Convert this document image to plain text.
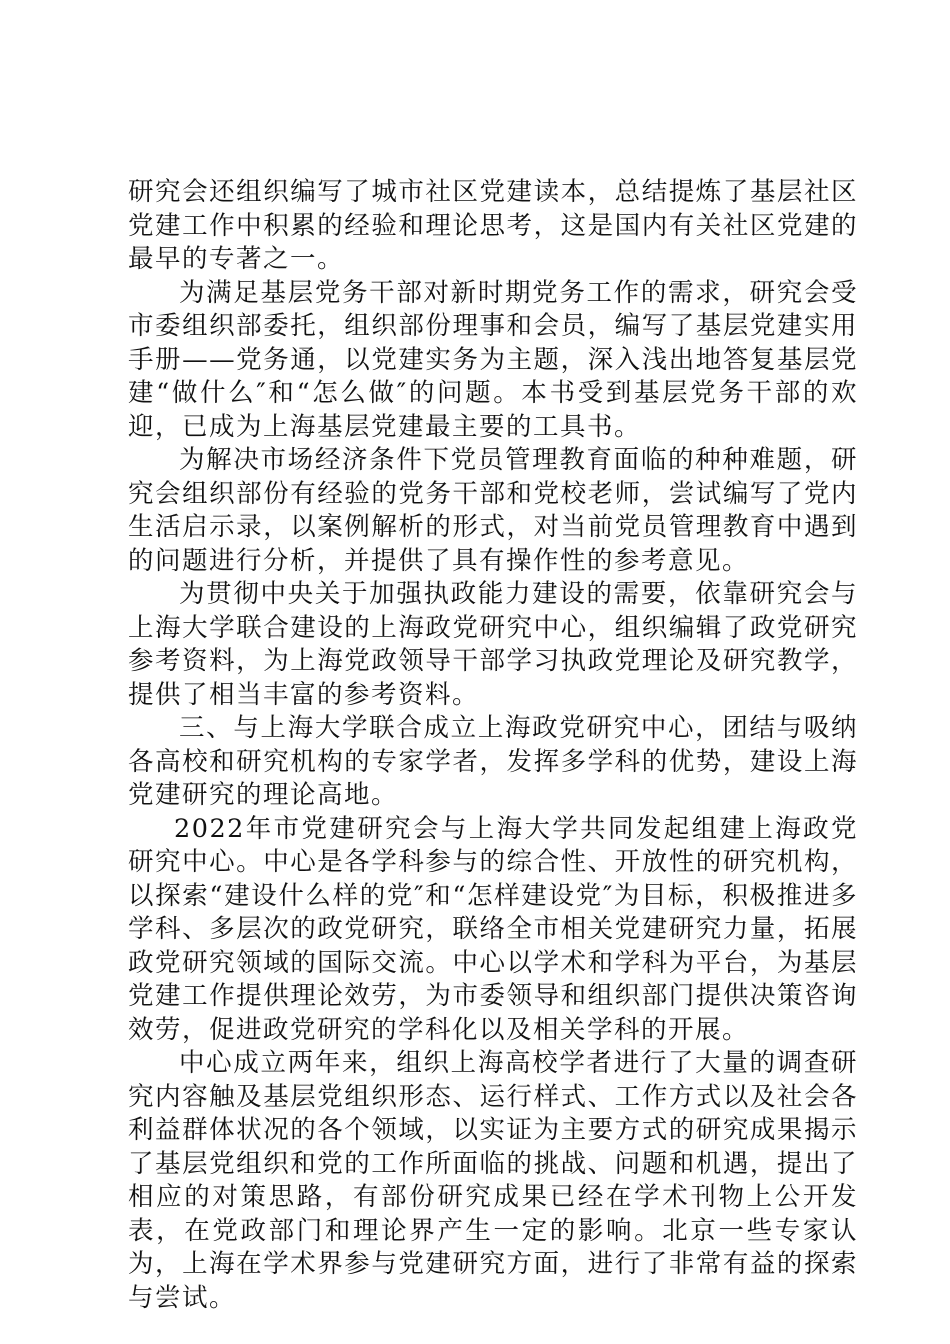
研究会还组织编写了城市社区党建读本，总结提炼了基层社区党建工作中积累的经验和理论思考，这是国内有关社区党建的最早的专著之一。

为满足基层党务干部对新时期党务工作的需求，研究会受市委组织部委托，组织部份理事和会员，编写了基层党建实用手册——党务通，以党建实务为主题，深入浅出地答复基层党建“做什么″和“怎么做″的问题。本书受到基层党务干部的欢迎，已成为上海基层党建最主要的工具书。

为解决市场经济条件下党员管理教育面临的种种难题，研究会组织部份有经验的党务干部和党校老师，尝试编写了党内生活启示录，以案例解析的形式，对当前党员管理教育中遇到的问题进行分析，并提供了具有操作性的参考意见。

为贯彻中央关于加强执政能力建设的需要，依靠研究会与上海大学联合建设的上海政党研究中心，组织编辑了政党研究参考资料，为上海党政领导干部学习执政党理论及研究教学，提供了相当丰富的参考资料。

三、与上海大学联合成立上海政党研究中心，团结与吸纳各高校和研究机构的专家学者，发挥多学科的优势，建设上海党建研究的理论高地。

2022年市党建研究会与上海大学共同发起组建上海政党研究中心。中心是各学科参与的综合性、开放性的研究机构，以探索“建设什么样的党″和“怎样建设党″为目标，积极推进多学科、多层次的政党研究，联络全市相关党建研究力量，拓展政党研究领域的国际交流。中心以学术和学科为平台，为基层党建工作提供理论效劳，为市委领导和组织部门提供决策咨询效劳，促进政党研究的学科化以及相关学科的开展。

中心成立两年来，组织上海高校学者进行了大量的调查研究内容触及基层党组织形态、运行样式、工作方式以及社会各利益群体状况的各个领域，以实证为主要方式的研究成果揭示了基层党组织和党的工作所面临的挑战、问题和机遇，提出了相应的对策思路，有部份研究成果已经在学术刊物上公开发表，在党政部门和理论界产生一定的影响。北京一些专家认为，上海在学术界参与党建研究方面，进行了非常有益的探索与尝试。
